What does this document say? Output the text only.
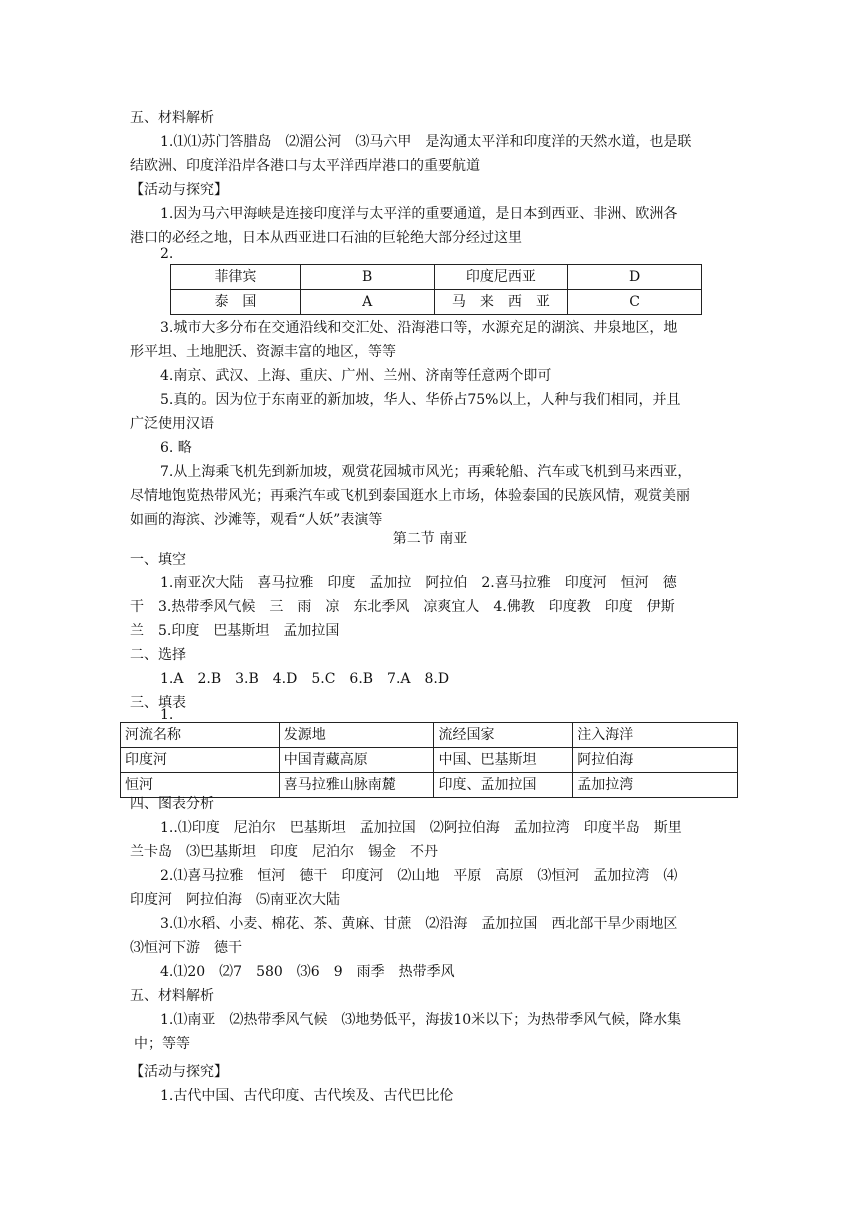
五、材料解析
1.⑴⑴苏门答腊岛　⑵湄公河　⑶马六甲　是沟通太平洋和印度洋的天然水道，也是联
结欧洲、印度洋沿岸各港口与太平洋西岸港口的重要航道
【活动与探究】
1.因为马六甲海峡是连接印度洋与太平洋的重要通道，是日本到西亚、非洲、欧洲各
港口的必经之地，日本从西亚进口石油的巨轮绝大部分经过这里
2.
菲律宾	B	印度尼西亚	D
泰　国	A	马　来　西　亚	C
3.城市大多分布在交通沿线和交汇处、沿海港口等，水源充足的湖滨、井泉地区，地
形平坦、土地肥沃、资源丰富的地区，等等
4.南京、武汉、上海、重庆、广州、兰州、济南等任意两个即可
5.真的。因为位于东南亚的新加坡，华人、华侨占75%以上，人种与我们相同，并且
广泛使用汉语
6. 略
7.从上海乘飞机先到新加坡，观赏花园城市风光；再乘轮船、汽车或飞机到马来西亚，
尽情地饱览热带风光；再乘汽车或飞机到泰国逛水上市场，体验泰国的民族风情，观赏美丽
如画的海滨、沙滩等，观看“人妖”表演等
第二节 南亚
一、填空
1.南亚次大陆　喜马拉雅　印度　孟加拉　阿拉伯　2.喜马拉雅　印度河　恒河　德
干　3.热带季风气候　三　雨　凉　东北季风　凉爽宜人　4.佛教　印度教　印度　伊斯
兰　5.印度　巴基斯坦　孟加拉国
二、选择
1.A　2.B　3.B　4.D　5.C　6.B　7.A　8.D
三、填表
1.
河流名称	发源地	流经国家	注入海洋
印度河	中国青藏高原	中国、巴基斯坦	阿拉伯海
恒河	喜马拉雅山脉南麓	印度、孟加拉国	孟加拉湾
四、图表分析
1..⑴印度　尼泊尔　巴基斯坦　孟加拉国　⑵阿拉伯海　孟加拉湾　印度半岛　斯里
兰卡岛　⑶巴基斯坦　印度　尼泊尔　锡金　不丹
2.⑴喜马拉雅　恒河　德干　印度河　⑵山地　平原　高原　⑶恒河　孟加拉湾　⑷
印度河　阿拉伯海　⑸南亚次大陆
3.⑴水稻、小麦、棉花、茶、黄麻、甘蔗　⑵沿海　孟加拉国　西北部干旱少雨地区
⑶恒河下游　德干
4.⑴20　⑵7　580　⑶6　9　雨季　热带季风
五、材料解析
1.⑴南亚　⑵热带季风气候　⑶地势低平，海拔10米以下；为热带季风气候，降水集
中；等等
【活动与探究】
1.古代中国、古代印度、古代埃及、古代巴比伦
